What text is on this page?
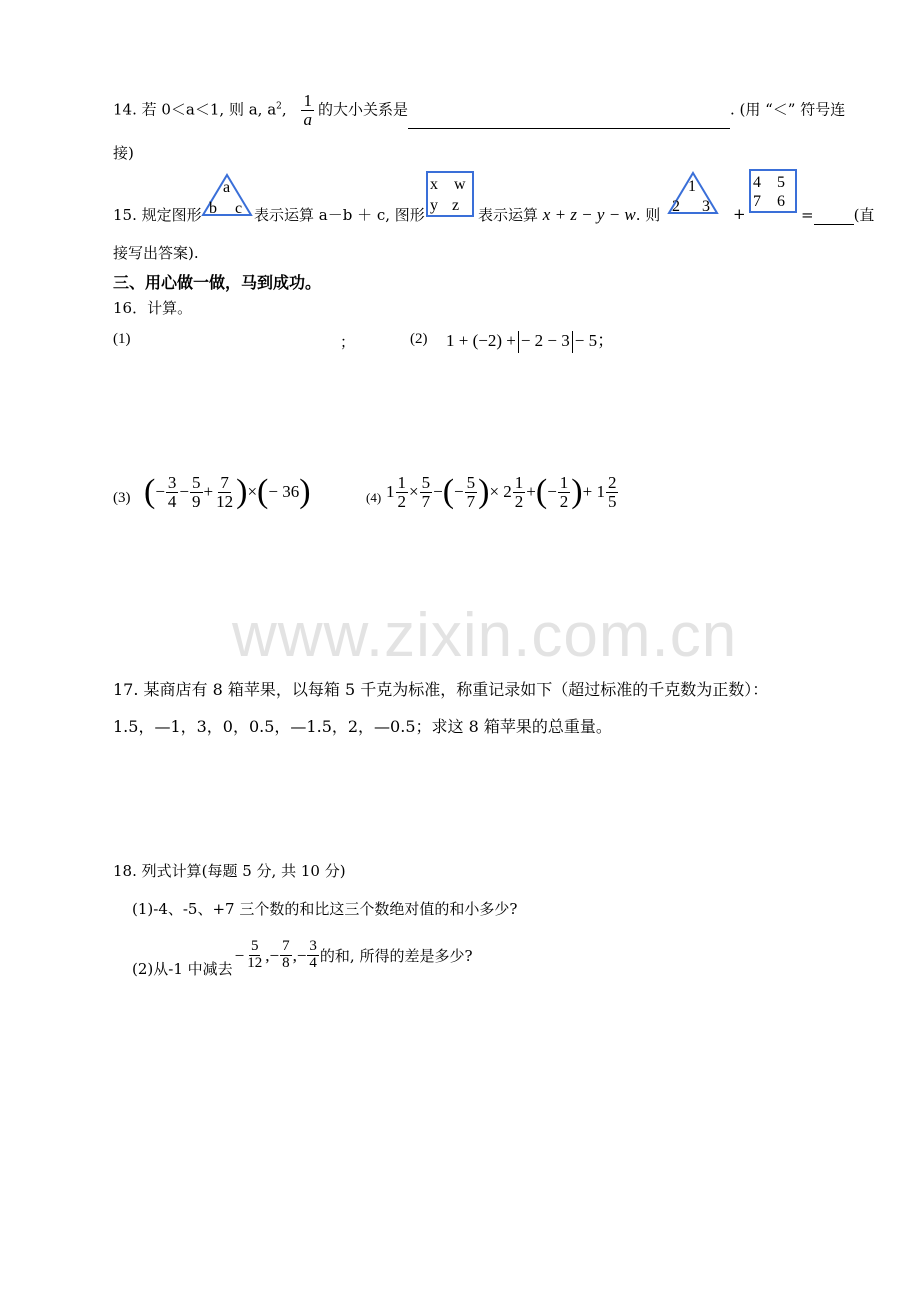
14. 若 0＜a＜1, 则 a, $a^2$, $\frac{1}{a}$ 的大小关系是	. (用 “＜” 符号连
接)
15. 规定图形
a
b c 表示运算 a－b ＋ c, 图形
x w
y z
表示运算 x + z − y − w. 则
1
2 3 +
4 5
7 6
=	(直
接写出答案).
三、用心做一做，马到成功。
16．计算。
(1)	；	(2) 1 + (−2) + − 2 − 3 − 5；
(3) ( − $\frac{3}{4} - \frac{5}{9} + \frac{7}{12}$ ) × ( − 36 )	(4) $1 \frac{1}{2} \times \frac{5}{7}$ − ( − $\frac{5}{7}$ ) × $2 \frac{1}{2}$ + ( − $\frac{1}{2}$ ) + $1 \frac{2}{5}$
www.zixin.com.cn
17. 某商店有 8 箱苹果，以每箱 5 千克为标准，称重记录如下（超过标准的千克数为正数）：
1.5，—1，3，0，0.5，—1.5，2，—0.5；求这 8 箱苹果的总重量。
18. 列式计算(每题 5 分, 共 10 分)
(1)-4、-5、+7 三个数的和比这三个数绝对值的和小多少?
(2)从-1 中减去
− $\frac{5}{12}$ ,− $\frac{7}{8}$ ,− $\frac{3}{4}$ 的和, 所得的差是多少?
